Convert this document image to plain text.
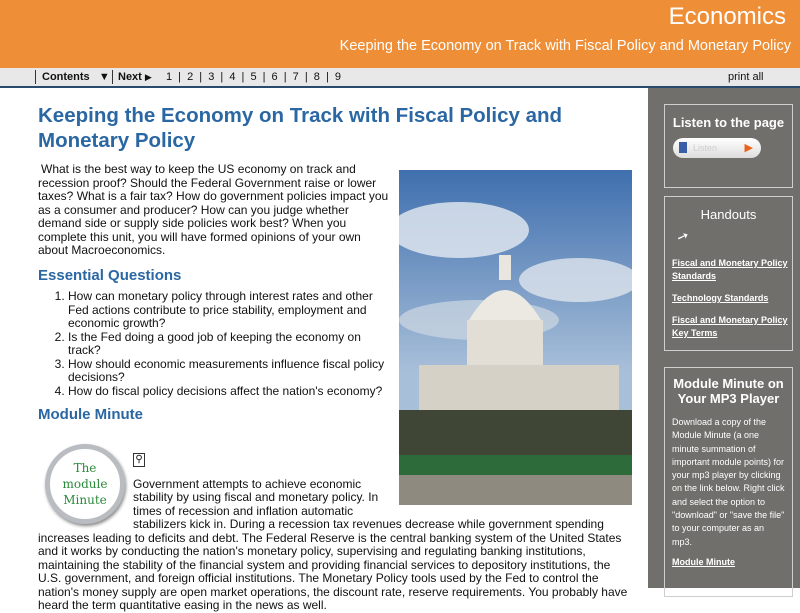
Economics
Keeping the Economy on Track with Fiscal Policy and Monetary Policy
Contents ▼ Next ▶ 1 | 2 | 3 | 4 | 5 | 6 | 7 | 8 | 9	print all
Keeping the Economy on Track with Fiscal Policy and Monetary Policy

What is the best way to keep the US economy on track and recession proof? Should the Federal Government raise or lower taxes? What is a fair tax? How do government policies impact you as a consumer and producer? How can you judge whether demand side or supply side policies work best? When you complete this unit, you will have formed opinions of your own about Macroeconomics.

Essential Questions
1. How can monetary policy through interest rates and other Fed actions contribute to price stability, employment and economic growth?
2. Is the Fed doing a good job of keeping the economy on track?
3. How should economic measurements influence fiscal policy decisions?
4. How do fiscal policy decisions affect the nation's economy?
Module Minute
The module Minute
⚲

Government attempts to achieve economic stability by using fiscal and monetary policy. In times of recession and inflation automatic stabilizers kick in. During a recession tax revenues decrease while government spending increases leading to deficits and debt. The Federal Reserve is the central banking system of the United States and it works by conducting the nation's monetary policy, supervising and regulating banking institutions, maintaining the stability of the financial system and providing financial services to depository institutions, the U.S. government, and foreign official institutions. The Monetary Policy tools used by the Fed to control the nation's money supply are open market operations, the discount rate, reserve requirements. You probably have heard the term quantitative easing in the news as well.

Listen to the page
Listen	▶
Handouts
➚
Fiscal and Monetary Policy Standards
Technology Standards
Fiscal and Monetary Policy Key Terms
Module Minute on Your MP3 Player

Download a copy of the Module Minute (a one minute summation of important module points) for your mp3 player by clicking on the link below. Right click and select the option to "download" or "save the file" to your computer as an mp3.

Module Minute
